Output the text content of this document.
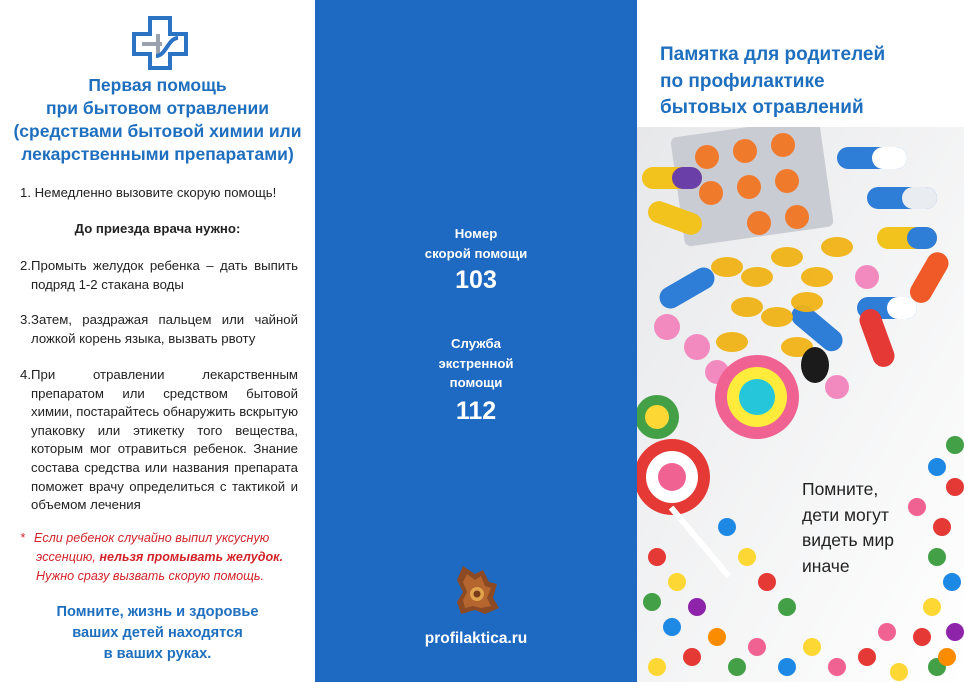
Первая помощь
при бытовом отравлении
(средствами бытовой химии или
лекарственными препаратами)
1. Немедленно вызовите скорую помощь!
До приезда врача нужно:
2. Промыть желудок ребенка – дать выпить подряд 1-2 стакана воды
3. Затем, раздражая пальцем или чайной ложкой корень языка, вызвать рвоту
4. При отравлении лекарственным препаратом или средством бытовой химии, постарайтесь обнаружить вскрытую упаковку или этикетку того вещества, которым мог отравиться ребенок. Знание состава средства или названия препарата поможет врачу определиться с тактикой и объемом лечения
* Если ребенок случайно выпил уксусную
эссенцию, нельзя промывать желудок.
Нужно сразу вызвать скорую помощь.
Помните, жизнь и здоровье
ваших детей находятся
в ваших руках.
Номер
скорой помощи
103
Служба
экстренной
помощи
112
profilaktica.ru
Памятка для родителей
по профилактике
бытовых отравлений
Помните,
дети могут
видеть мир
иначе
